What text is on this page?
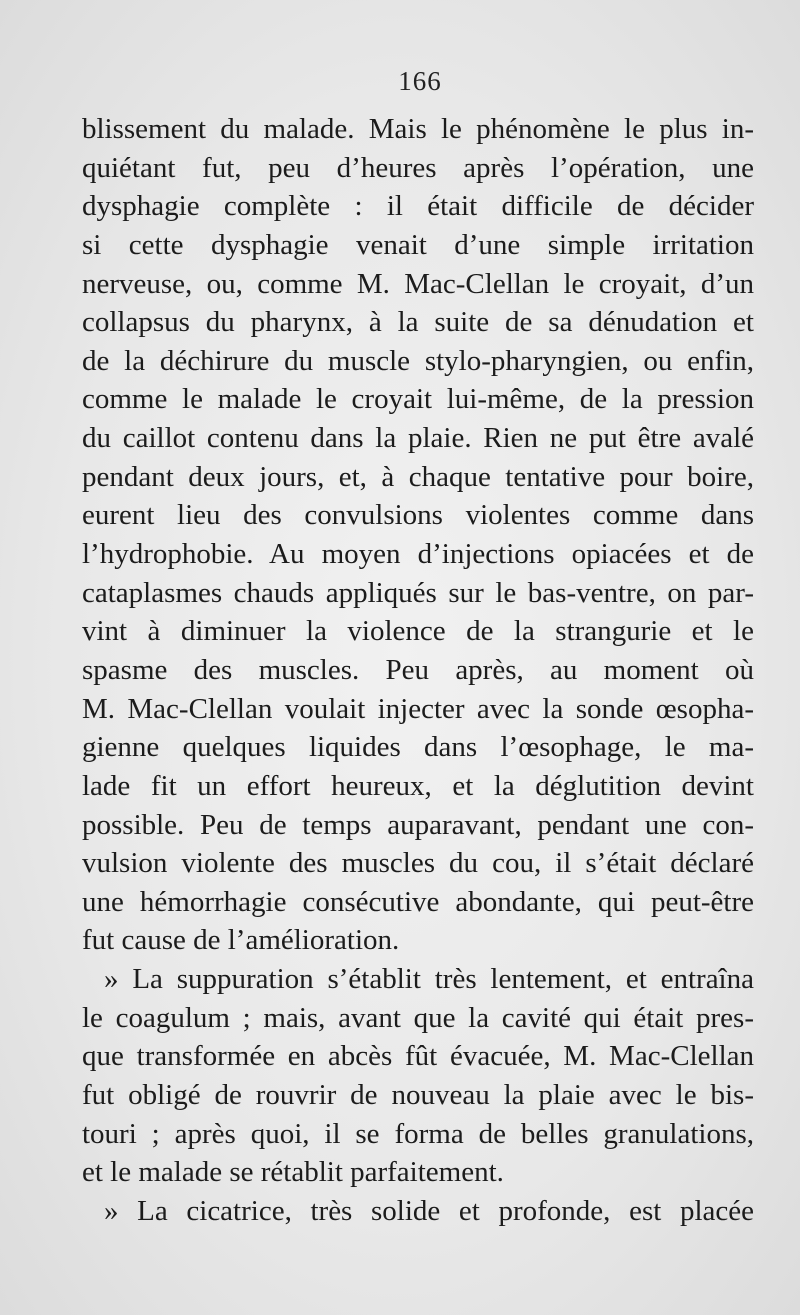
166
blissement du malade. Mais le phénomène le plus in-
quiétant fut, peu d’heures après l’opération, une
dysphagie complète : il était difficile de décider
si cette dysphagie venait d’une simple irritation
nerveuse, ou, comme M. Mac-Clellan le croyait, d’un
collapsus du pharynx, à la suite de sa dénudation et
de la déchirure du muscle stylo-pharyngien, ou enfin,
comme le malade le croyait lui-même, de la pression
du caillot contenu dans la plaie. Rien ne put être avalé
pendant deux jours, et, à chaque tentative pour boire,
eurent lieu des convulsions violentes comme dans
l’hydrophobie. Au moyen d’injections opiacées et de
cataplasmes chauds appliqués sur le bas-ventre, on par-
vint à diminuer la violence de la strangurie et le
spasme des muscles. Peu après, au moment où
M. Mac-Clellan voulait injecter avec la sonde œsopha-
gienne quelques liquides dans l’œsophage, le ma-
lade fit un effort heureux, et la déglutition devint
possible. Peu de temps auparavant, pendant une con-
vulsion violente des muscles du cou, il s’était déclaré
une hémorrhagie consécutive abondante, qui peut-être
fut cause de l’amélioration.
» La suppuration s’établit très lentement, et entraîna
le coagulum ; mais, avant que la cavité qui était pres-
que transformée en abcès fût évacuée, M. Mac-Clellan
fut obligé de rouvrir de nouveau la plaie avec le bis-
touri ; après quoi, il se forma de belles granulations,
et le malade se rétablit parfaitement.
» La cicatrice, très solide et profonde, est placée
